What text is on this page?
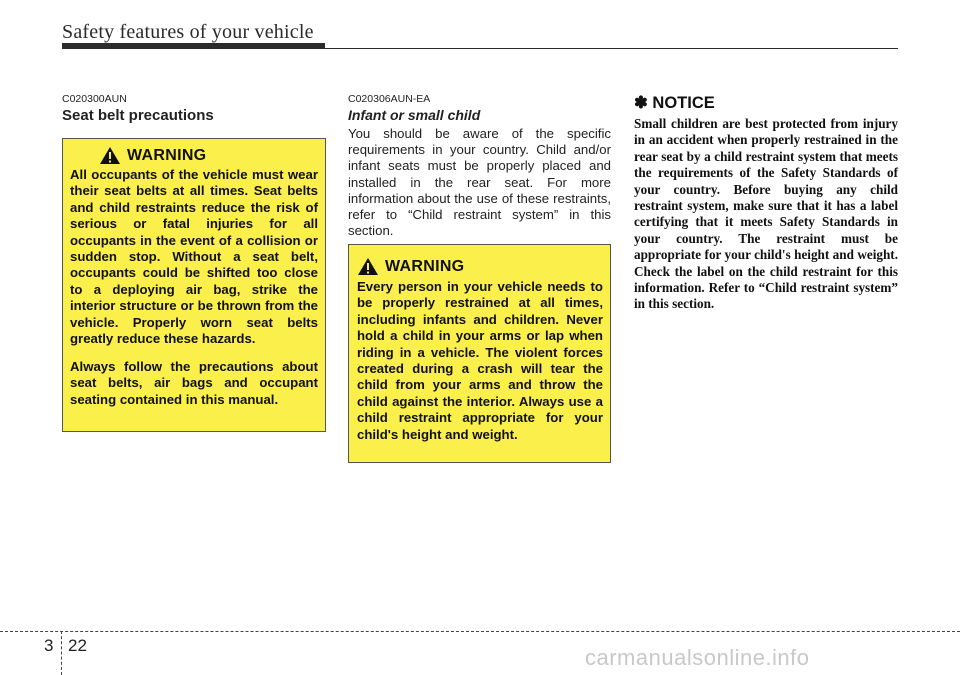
Safety features of your vehicle
C020300AUN
Seat belt precautions
WARNING

All occupants of the vehicle must wear their seat belts at all times. Seat belts and child restraints reduce the risk of serious or fatal injuries for all occupants in the event of a collision or sudden stop. Without a seat belt, occupants could be shifted too close to a deploying air bag, strike the interior structure or be thrown from the vehicle. Properly worn seat belts greatly reduce these hazards.

Always follow the precautions about seat belts, air bags and occupant seating contained in this manual.

C020306AUN-EA
Infant or small child

You should be aware of the specific requirements in your country. Child and/or infant seats must be properly placed and installed in the rear seat. For more information about the use of these restraints, refer to “Child restraint system” in this section.

WARNING

Every person in your vehicle needs to be properly restrained at all times, including infants and children. Never hold a child in your arms or lap when riding in a vehicle. The violent forces created during a crash will tear the child from your arms and throw the child against the interior. Always use a child restraint appropriate for your child's height and weight.

✽ NOTICE

Small children are best protected from injury in an accident when properly restrained in the rear seat by a child restraint system that meets the requirements of the Safety Standards of your country. Before buying any child restraint system, make sure that it has a label certifying that it meets Safety Standards in your country. The restraint must be appropriate for your child's height and weight. Check the label on the child restraint for this information. Refer to “Child restraint system” in this section.

3 22	carmanualsonline.info
